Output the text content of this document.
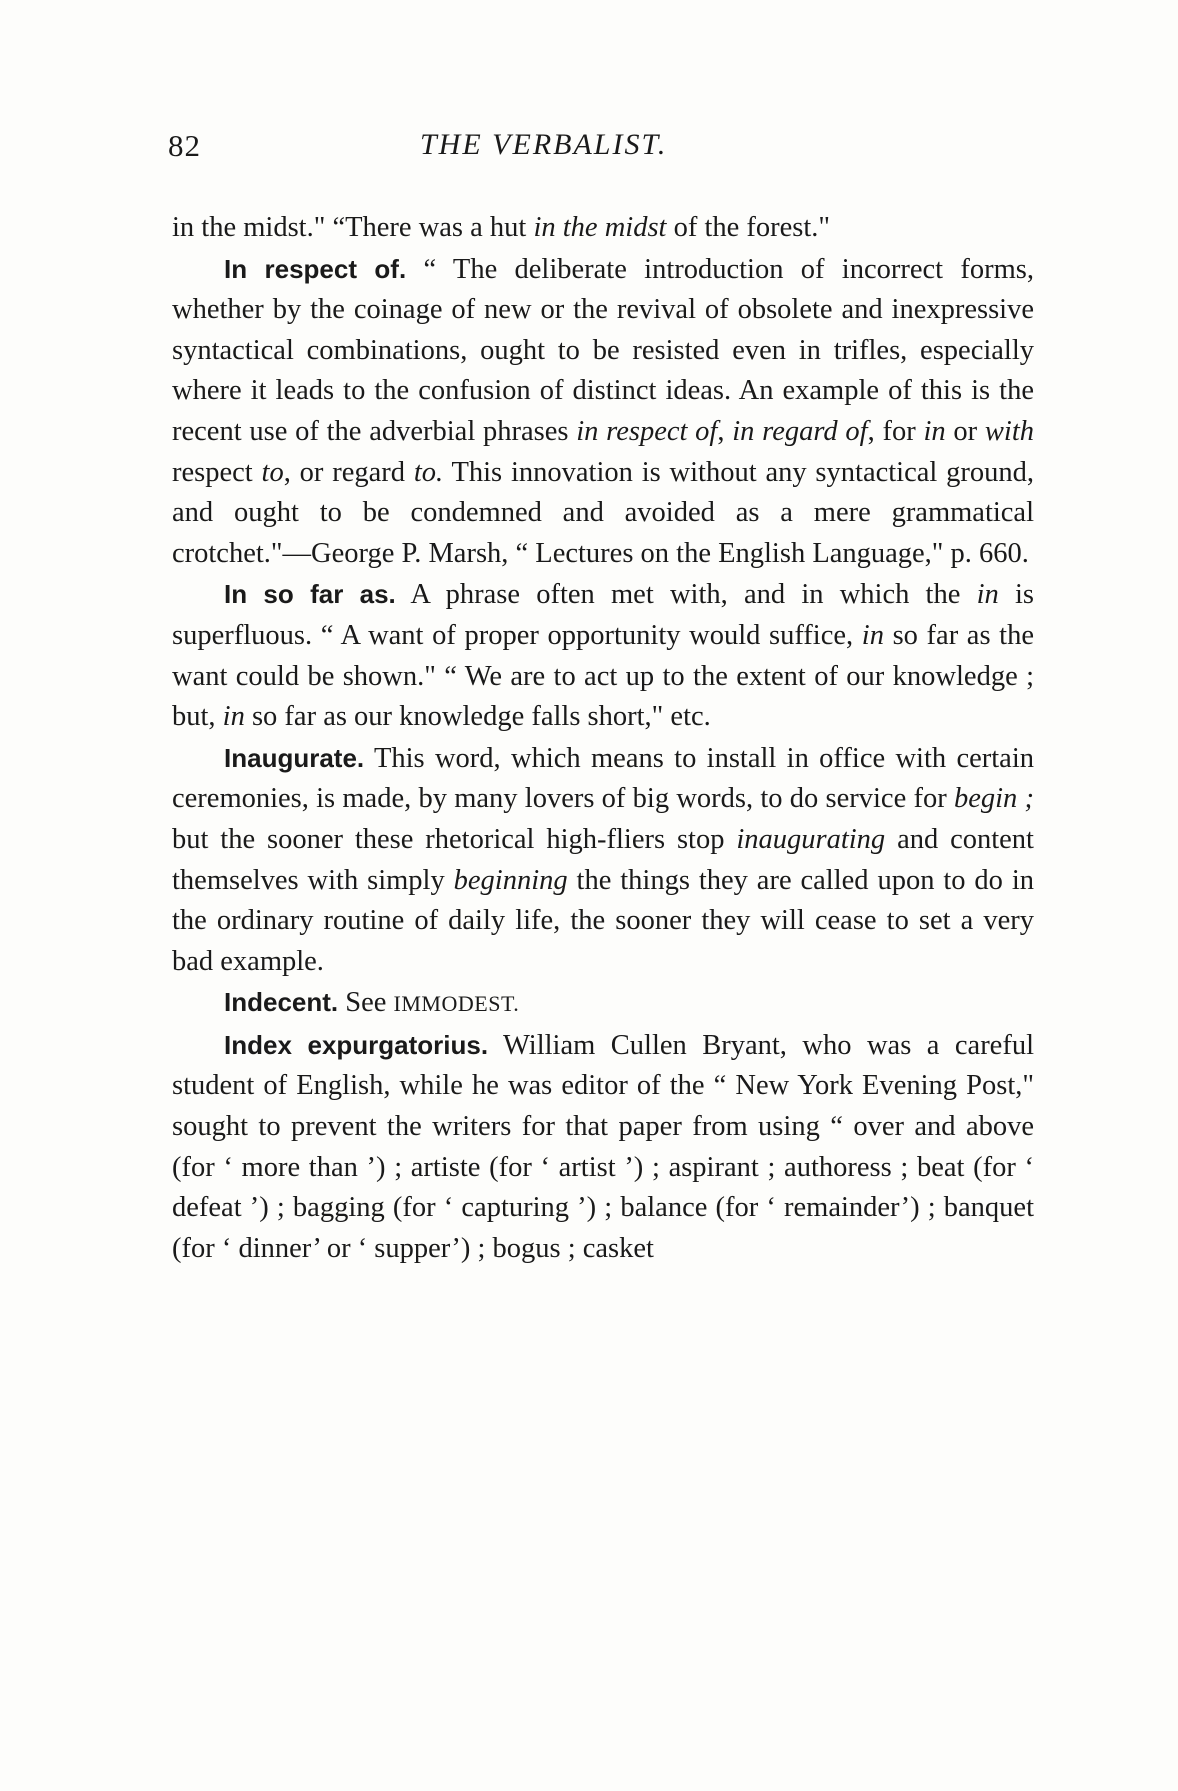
82	THE VERBALIST.

in the midst." “There was a hut in the midst of the forest."

In respect of. “ The deliberate introduction of incorrect forms, whether by the coinage of new or the revival of obsolete and inexpressive syntactical combinations, ought to be resisted even in trifles, especially where it leads to the confusion of distinct ideas. An example of this is the recent use of the adverbial phrases in respect of, in regard of, for in or with respect to, or regard to. This innovation is without any syntactical ground, and ought to be condemned and avoided as a mere grammatical crotchet."—George P. Marsh, “ Lectures on the English Language," p. 660.

In so far as. A phrase often met with, and in which the in is superfluous. “ A want of proper opportunity would suffice, in so far as the want could be shown." “ We are to act up to the extent of our knowledge ; but, in so far as our knowledge falls short," etc.

Inaugurate. This word, which means to install in office with certain ceremonies, is made, by many lovers of big words, to do service for begin ; but the sooner these rhetorical high-fliers stop inaugurating and content themselves with simply beginning the things they are called upon to do in the ordinary routine of daily life, the sooner they will cease to set a very bad example.

Indecent. See IMMODEST.

Index expurgatorius. William Cullen Bryant, who was a careful student of English, while he was editor of the “ New York Evening Post," sought to prevent the writers for that paper from using “ over and above (for ‘ more than ’) ; artiste (for ‘ artist ’) ; aspirant ; authoress ; beat (for ‘ defeat ’) ; bagging (for ‘ capturing ’) ; balance (for ‘ remainder’) ; banquet (for ‘ dinner’ or ‘ supper’) ; bogus ; casket
